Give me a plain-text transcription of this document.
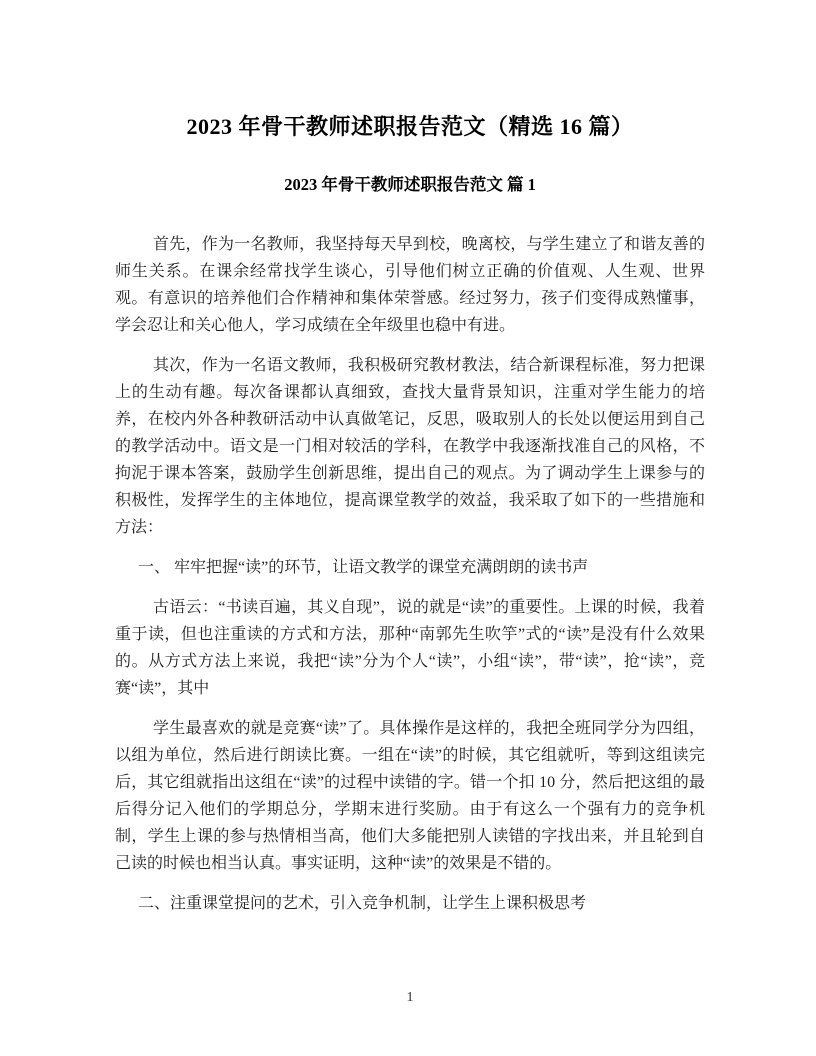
2023 年骨干教师述职报告范文（精选 16 篇）
2023 年骨干教师述职报告范文 篇 1

首先，作为一名教师，我坚持每天早到校，晚离校，与学生建立了和谐友善的师生关系。在课余经常找学生谈心，引导他们树立正确的价值观、人生观、世界观。有意识的培养他们合作精神和集体荣誉感。经过努力，孩子们变得成熟懂事，学会忍让和关心他人，学习成绩在全年级里也稳中有进。

其次，作为一名语文教师，我积极研究教材教法，结合新课程标准，努力把课上的生动有趣。每次备课都认真细致，查找大量背景知识，注重对学生能力的培养，在校内外各种教研活动中认真做笔记，反思，吸取别人的长处以便运用到自己的教学活动中。语文是一门相对较活的学科，在教学中我逐渐找准自己的风格，不拘泥于课本答案，鼓励学生创新思维，提出自己的观点。为了调动学生上课参与的积极性，发挥学生的主体地位，提高课堂教学的效益，我采取了如下的一些措施和方法：

一、 牢牢把握“读”的环节，让语文教学的课堂充满朗朗的读书声

古语云：“书读百遍，其义自现”，说的就是“读”的重要性。上课的时候，我着重于读，但也注重读的方式和方法，那种“南郭先生吹竽”式的“读”是没有什么效果的。从方式方法上来说，我把“读”分为个人“读”，小组“读”，带“读”，抢“读”，竞赛“读”，其中

学生最喜欢的就是竞赛“读”了。具体操作是这样的，我把全班同学分为四组，以组为单位，然后进行朗读比赛。一组在“读”的时候，其它组就听，等到这组读完后，其它组就指出这组在“读”的过程中读错的字。错一个扣 10 分，然后把这组的最后得分记入他们的学期总分，学期末进行奖励。由于有这么一个强有力的竞争机制，学生上课的参与热情相当高，他们大多能把别人读错的字找出来，并且轮到自己读的时候也相当认真。事实证明，这种“读”的效果是不错的。

二、注重课堂提问的艺术，引入竞争机制，让学生上课积极思考

1
